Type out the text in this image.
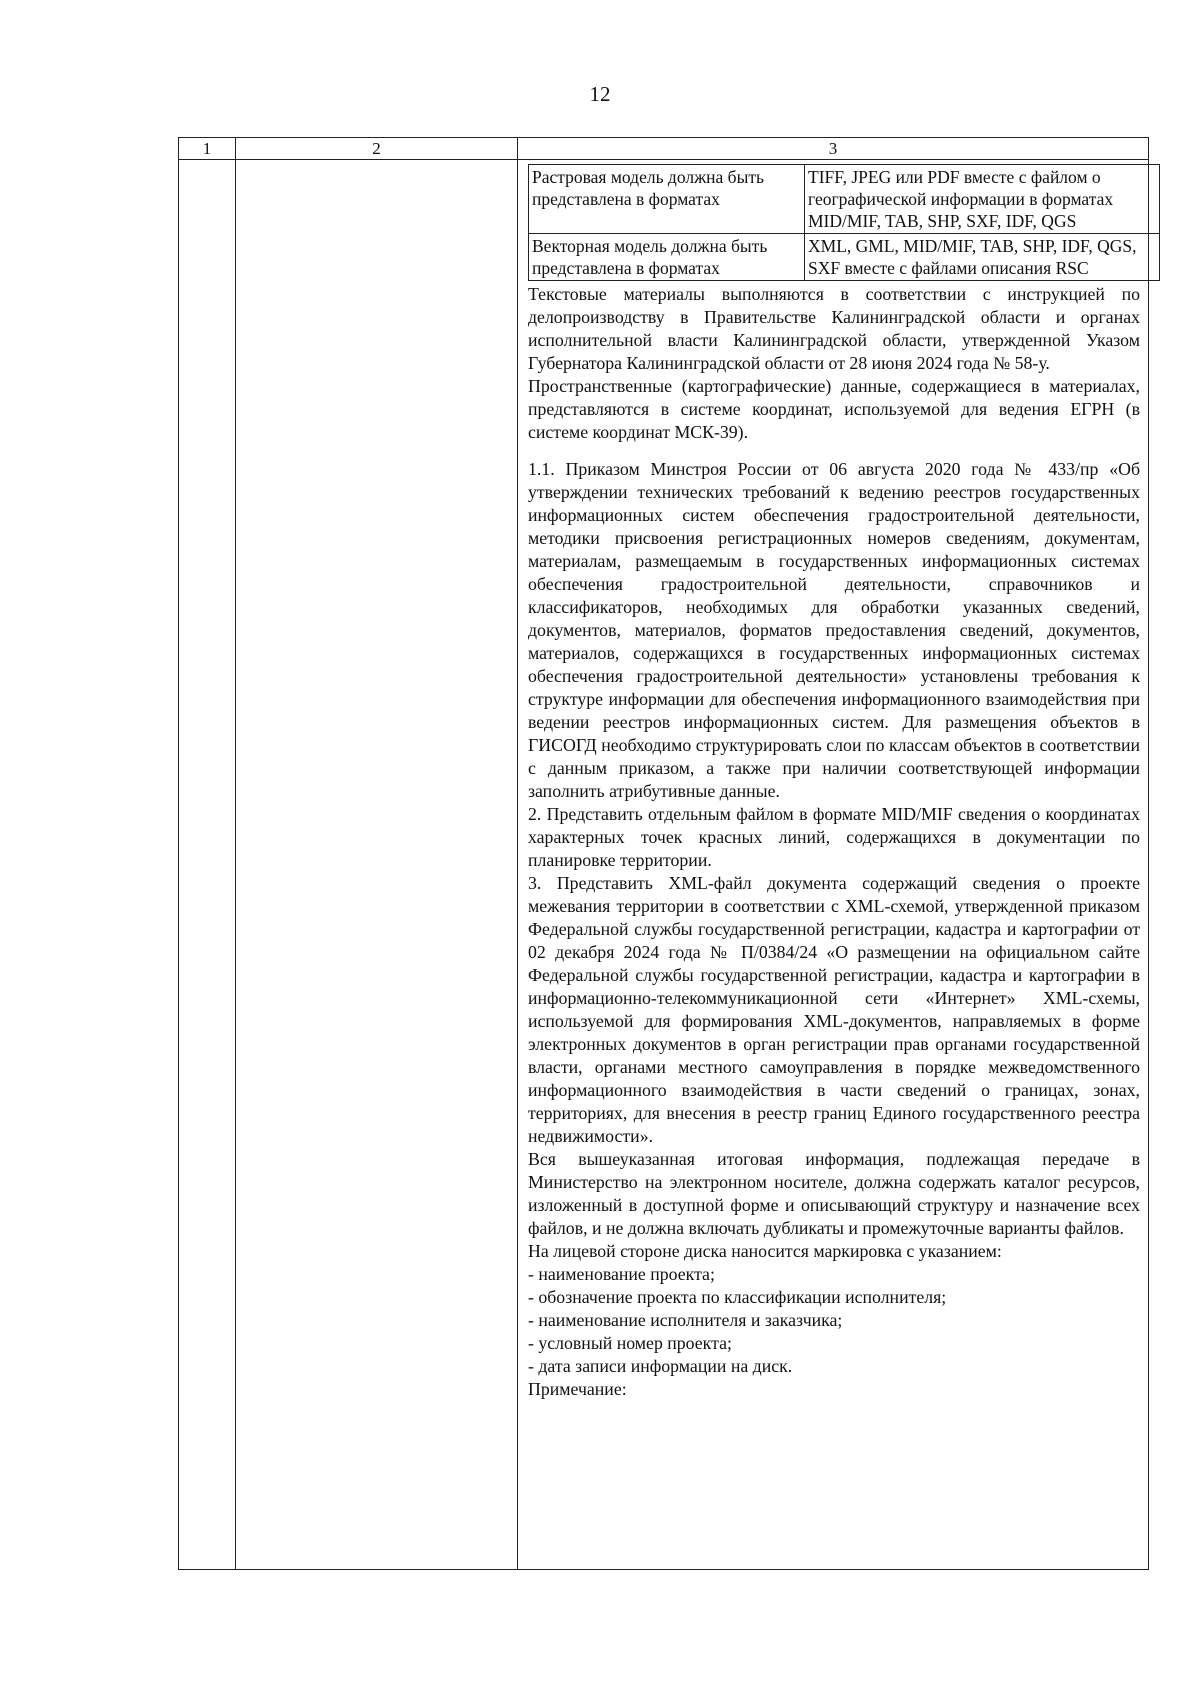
12
1	2	3

Растровая модель должна быть представлена в форматах	TIFF, JPEG или PDF вместе с файлом о географической информации в форматах MID/MIF, TAB, SHP, SXF, IDF, QGS
Векторная модель должна быть представлена в форматах	XML, GML, MID/MIF, TAB, SHP, IDF, QGS, SXF вместе с файлами описания RSC

Текстовые материалы выполняются в соответствии с инструкцией по делопроизводству в Правительстве Калининградской области и органах исполнительной власти Калининградской области, утвержденной Указом Губернатора Калининградской области от 28 июня 2024 года № 58-у.

Пространственные (картографические) данные, содержащиеся в материалах, представляются в системе координат, используемой для ведения ЕГРН (в системе координат МСК-39).

1.1. Приказом Минстроя России от 06 августа 2020 года № 433/пр «Об утверждении технических требований к ведению реестров государственных информационных систем обеспечения градостроительной деятельности, методики присвоения регистрационных номеров сведениям, документам, материалам, размещаемым в государственных информационных системах обеспечения градостроительной деятельности, справочников и классификаторов, необходимых для обработки указанных сведений, документов, материалов, форматов предоставления сведений, документов, материалов, содержащихся в государственных информационных системах обеспечения градостроительной деятельности» установлены требования к структуре информации для обеспечения информационного взаимодействия при ведении реестров информационных систем. Для размещения объектов в ГИСОГД необходимо структурировать слои по классам объектов в соответствии с данным приказом, а также при наличии соответствующей информации заполнить атрибутивные данные.

2. Представить отдельным файлом в формате MID/MIF сведения о координатах характерных точек красных линий, содержащихся в документации по планировке территории.

3. Представить XML-файл документа содержащий сведения о проекте межевания территории в соответствии с XML-схемой, утвержденной приказом Федеральной службы государственной регистрации, кадастра и картографии от 02 декабря 2024 года № П/0384/24 «О размещении на официальном сайте Федеральной службы государственной регистрации, кадастра и картографии в информационно-телекоммуникационной сети «Интернет» XML-схемы, используемой для формирования XML-документов, направляемых в форме электронных документов в орган регистрации прав органами государственной власти, органами местного самоуправления в порядке межведомственного информационного взаимодействия в части сведений о границах, зонах, территориях, для внесения в реестр границ Единого государственного реестра недвижимости».

Вся вышеуказанная итоговая информация, подлежащая передаче в Министерство на электронном носителе, должна содержать каталог ресурсов, изложенный в доступной форме и описывающий структуру и назначение всех файлов, и не должна включать дубликаты и промежуточные варианты файлов.

На лицевой стороне диска наносится маркировка с указанием:

- наименование проекта;

- обозначение проекта по классификации исполнителя;

- наименование исполнителя и заказчика;

- условный номер проекта;

- дата записи информации на диск.

Примечание:
